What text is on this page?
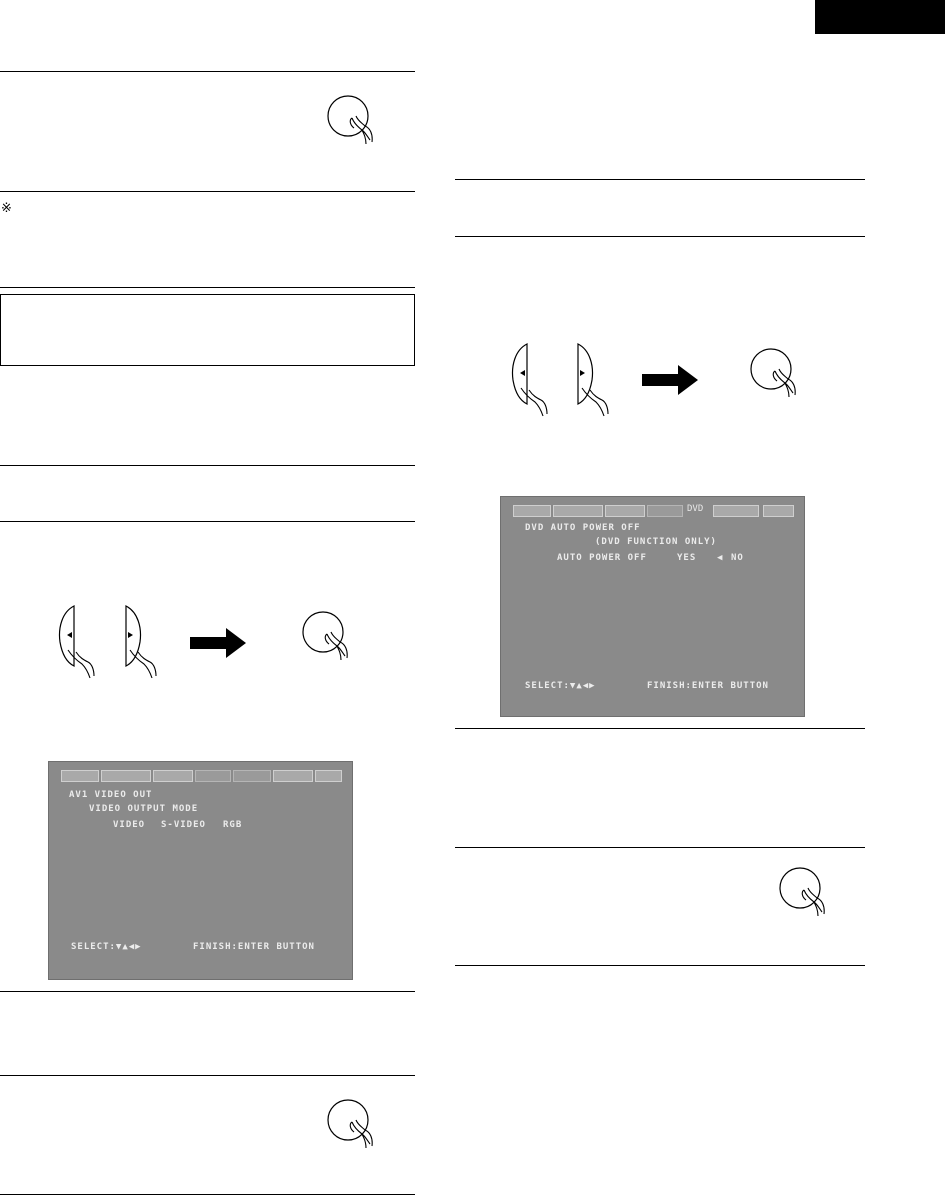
※
AV1 VIDEO OUT
VIDEO OUTPUT MODE
VIDEO S-VIDEO RGB
SELECT:▼▲◀▶	FINISH:ENTER BUTTON
DVD
DVD AUTO POWER OFF
(DVD FUNCTION ONLY)
AUTO POWER OFF	YES ◀ NO
SELECT:▼▲◀▶	FINISH:ENTER BUTTON
